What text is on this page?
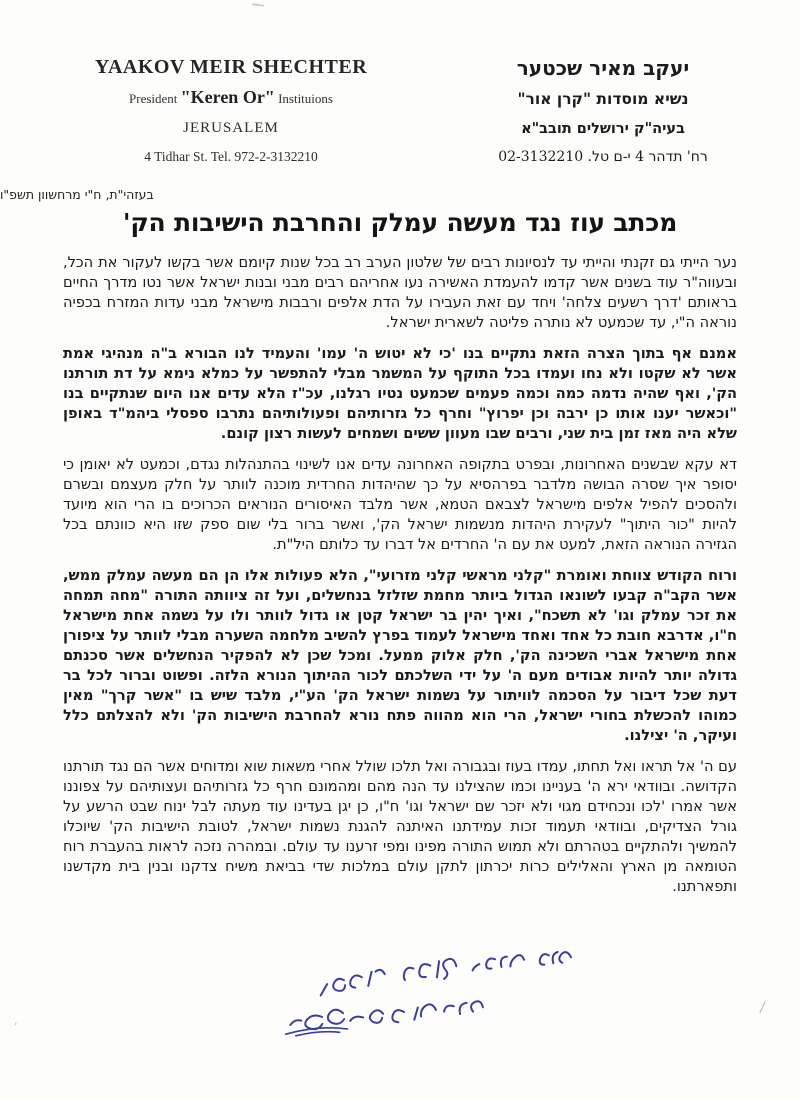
YAAKOV MEIR SHECHTER
President "Keren Or" Instituions
JERUSALEM
4 Tidhar St. Tel. 972-2-3132210
יעקב מאיר שכטער
נשיא מוסדות "קרן אור"
בעיה"ק ירושלים תובב"א
רח' תדהר 4 י-ם טל. 02-3132210
בעזהי"ת, ח"י מרחשוון תשפ"ו
מכתב עוז נגד מעשה עמלק והחרבת הישיבות הק'

נער הייתי גם זקנתי והייתי עד לנסיונות רבים של שלטון הערב רב בכל שנות קיומם אשר בקשו לעקור את הכל, ובעווה"ר עוד בשנים אשר קדמו להעמדת האשירה נעו אחריהם רבים מבני ובנות ישראל אשר נטו מדרך החיים בראותם 'דרך רשעים צלחה' ויחד עם זאת העבירו על הדת אלפים ורבבות מישראל מבני עדות המזרח בכפיה נוראה ה"י, עד שכמעט לא נותרה פליטה לשארית ישראל.

אמנם אף בתוך הצרה הזאת נתקיים בנו 'כי לא יטוש ה' עמו' והעמיד לנו הבורא ב"ה מנהיגי אמת אשר לא שקטו ולא נחו ועמדו בכל התוקף על המשמר מבלי להתפשר על כמלא נימא על דת תורתנו הק', ואף שהיה נדמה כמה וכמה פעמים שכמעט נטיו רגלנו, עכ"ז הלא עדים אנו היום שנתקיים בנו "וכאשר יענו אותו כן ירבה וכן יפרוץ" וחרף כל גזרותיהם ופעולותיהם נתרבו ספסלי ביהמ"ד באופן שלא היה מאז זמן בית שני, ורבים שבו מעוון ששים ושמחים לעשות רצון קונם.

דא עקא שבשנים האחרונות, ובפרט בתקופה האחרונה עדים אנו לשינוי בהתנהלות נגדם, וכמעט לא יאומן כי יסופר איך שסרה הבושה מלדבר בפרהסיא על כך שהיהדות החרדית מוכנה לוותר על חלק מעצמם ובשרם ולהסכים להפיל אלפים מישראל לצבאם הטמא, אשר מלבד האיסורים הנוראים הכרוכים בו הרי הוא מיועד להיות "כור היתוך" לעקירת היהדות מנשמות ישראל הק', ואשר ברור בלי שום ספק שזו היא כוונתם בכל הגזירה הנוראה הזאת, למעט את עם ה' החרדים אל דברו עד כלותם היל"ת.

ורוח הקודש צווחת ואומרת "קלני מראשי קלני מזרועי", הלא פעולות אלו הן הם מעשה עמלק ממש, אשר הקב"ה קבעו לשונאו הגדול ביותר מחמת שזלזל בנחשלים, ועל זה ציוותה התורה "מחה תמחה את זכר עמלק וגו' לא תשכח", ואיך יהין בר ישראל קטן או גדול לוותר ולו על נשמה אחת מישראל ח"ו, אדרבא חובת כל אחד ואחד מישראל לעמוד בפרץ להשיב מלחמה השערה מבלי לוותר על ציפורן אחת מישראל אברי השכינה הק', חלק אלוק ממעל. ומכל שכן לא להפקיר הנחשלים אשר סכנתם גדולה יותר להיות אבודים מעם ה' על ידי השלכתם לכור ההיתוך הנורא הלזה. ופשוט וברור לכל בר דעת שכל דיבור על הסכמה לוויתור על נשמות ישראל הק' הע"י, מלבד שיש בו "אשר קרך" מאין כמוהו להכשלת בחורי ישראל, הרי הוא מהווה פתח נורא להחרבת הישיבות הק' ולא להצלתם כלל ועיקר, ה' יצילנו.

עם ה' אל תראו ואל תחתו, עמדו בעוז ובגבורה ואל תלכו שולל אחרי משאות שוא ומדוחים אשר הם נגד תורתנו הקדושה. ובוודאי ירא ה' בעניינו וכמו שהצילנו עד הנה מהם ומהמונם חרף כל גזרותיהם ועצותיהם על צפוננו אשר אמרו 'לכו ונכחידם מגוי ולא יזכר שם ישראל וגו' ח"ו, כן יגן בעדינו עוד מעתה לבל ינוח שבט הרשע על גורל הצדיקים, ובוודאי תעמוד זכות עמידתנו האיתנה להגנת נשמות ישראל, לטובת הישיבות הק' שיוכלו להמשיך ולהתקיים בטהרתם ולא תמוש התורה מפינו ומפי זרענו עד עולם. ובמהרה נזכה לראות בהעברת רוח הטומאה מן הארץ והאלילים כרות יכרתון לתקן עולם במלכות שדי בביאת משיח צדקנו ובנין בית מקדשנו ותפארתנו.

/
,
